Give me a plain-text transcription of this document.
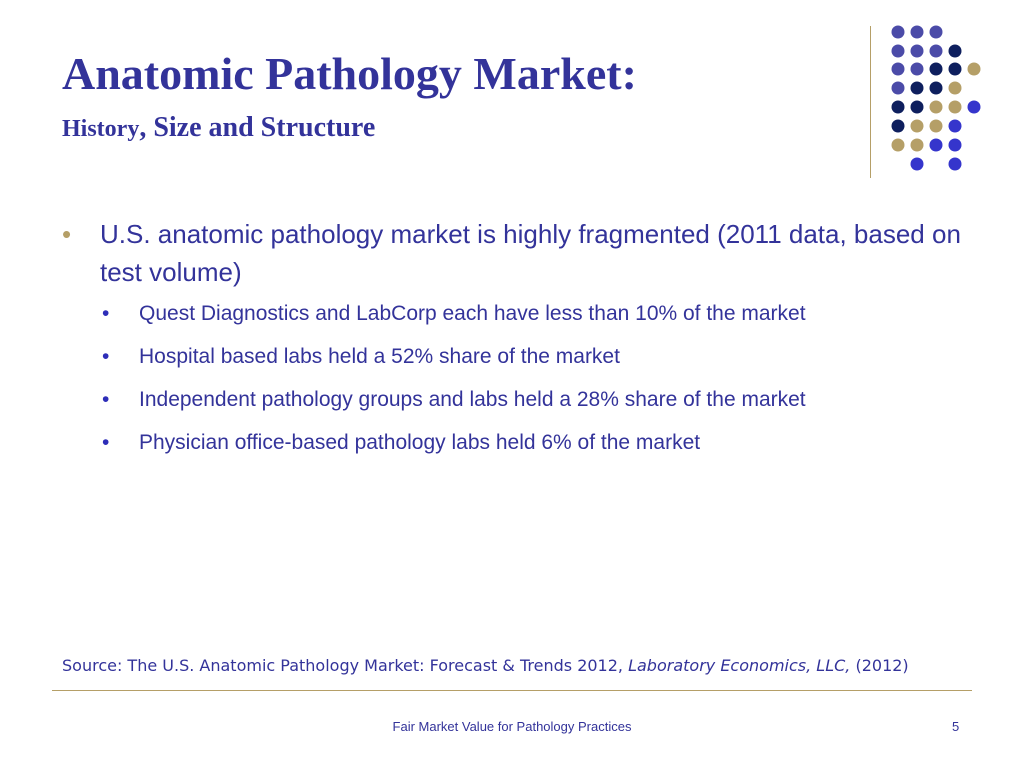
Anatomic Pathology Market:
History, Size and Structure
• U.S. anatomic pathology market is highly fragmented (2011 data, based on test volume)
• Quest Diagnostics and LabCorp each have less than 10% of the market
• Hospital based labs held a 52% share of the market
• Independent pathology groups and labs held a 28% share of the market
• Physician office-based pathology labs held 6% of the market
Source: The U.S. Anatomic Pathology Market: Forecast & Trends 2012, Laboratory Economics, LLC, (2012)
Fair Market Value for Pathology Practices	5
